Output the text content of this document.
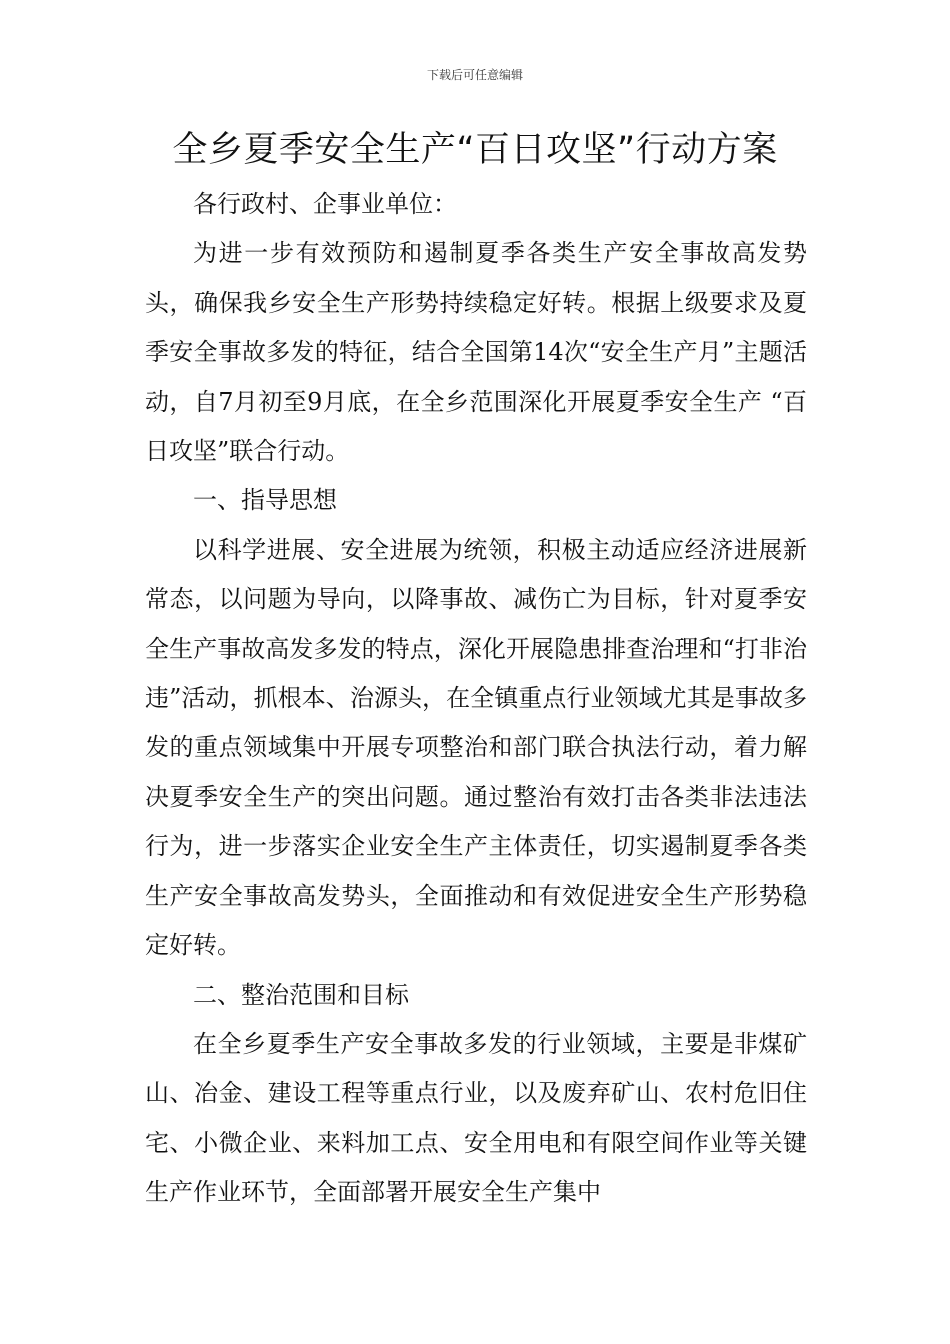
下载后可任意编辑
全乡夏季安全生产“百日攻坚”行动方案

各行政村、企事业单位：

为进一步有效预防和遏制夏季各类生产安全事故高发势头，确保我乡安全生产形势持续稳定好转。根据上级要求及夏季安全事故多发的特征，结合全国第14次“安全生产月”主题活动，自7月初至9月底，在全乡范围深化开展夏季安全生产 “百日攻坚”联合行动。

一、指导思想

以科学进展、安全进展为统领，积极主动适应经济进展新常态，以问题为导向，以降事故、减伤亡为目标，针对夏季安全生产事故高发多发的特点，深化开展隐患排查治理和“打非治违”活动，抓根本、治源头，在全镇重点行业领域尤其是事故多发的重点领域集中开展专项整治和部门联合执法行动，着力解决夏季安全生产的突出问题。通过整治有效打击各类非法违法行为，进一步落实企业安全生产主体责任，切实遏制夏季各类生产安全事故高发势头，全面推动和有效促进安全生产形势稳定好转。

二、整治范围和目标

在全乡夏季生产安全事故多发的行业领域，主要是非煤矿山、冶金、建设工程等重点行业，以及废弃矿山、农村危旧住宅、小微企业、来料加工点、安全用电和有限空间作业等关键生产作业环节，全面部署开展安全生产集中
